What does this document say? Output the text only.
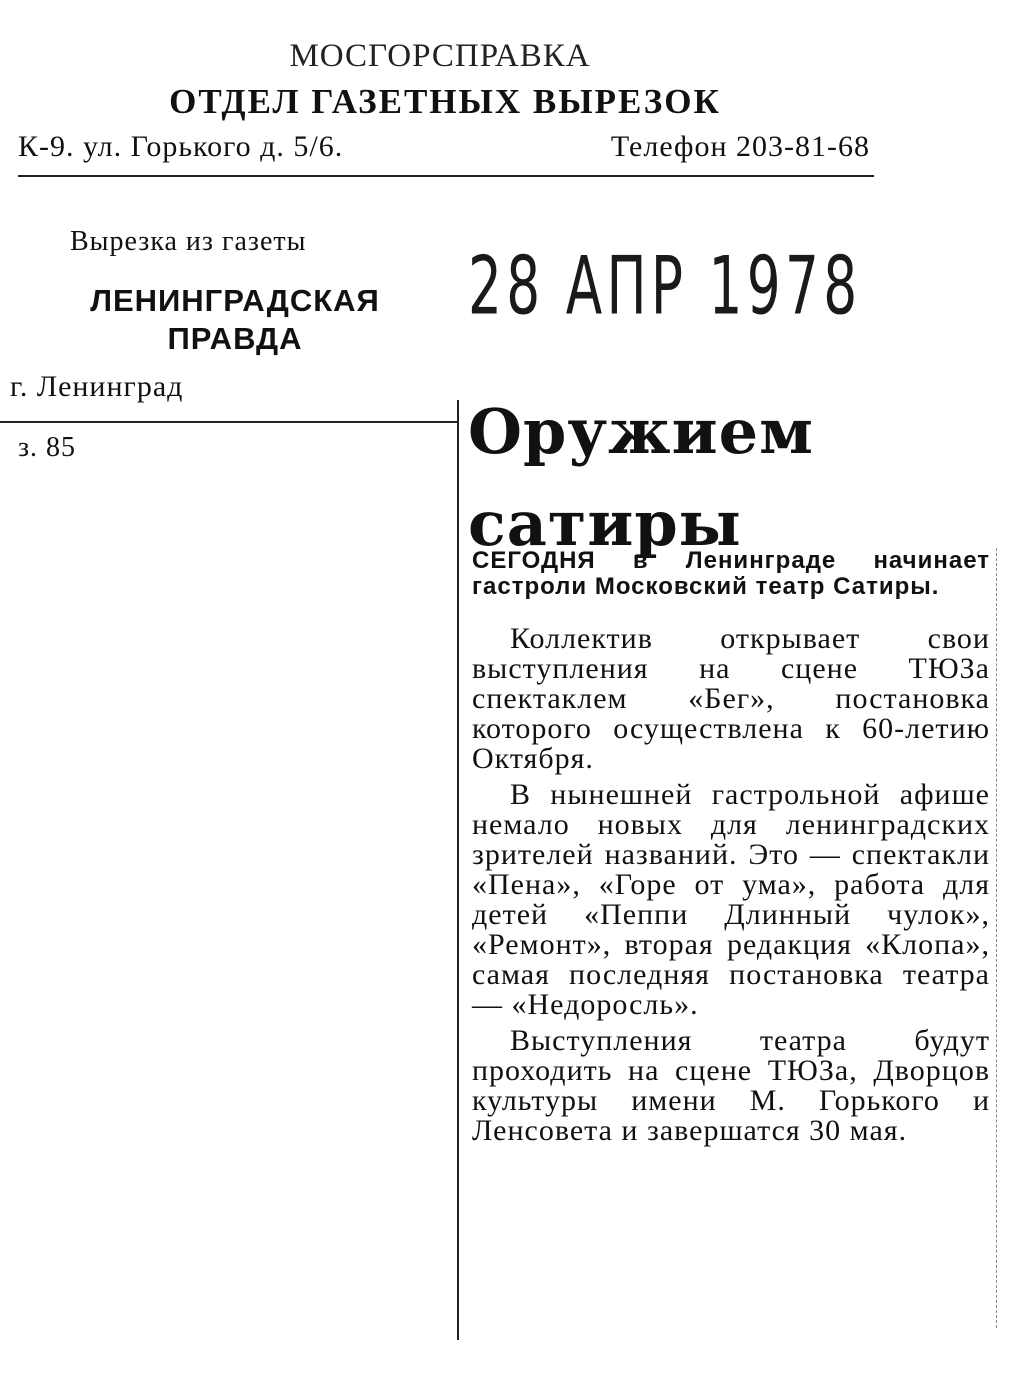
МОСГОРСПРАВКА
ОТДЕЛ ГАЗЕТНЫХ ВЫРЕЗОК
К-9. ул. Горького д. 5/6.	Телефон 203-81-68
Вырезка из газеты
ЛЕНИНГРАДСКАЯ ПРАВДА
28 АПР 1978
г. Ленинград
з. 85	Оружием сатиры
СЕГОДНЯ в Ленинграде начинает гастроли Московский театр Сатиры.

Коллектив открывает свои выступления на сцене ТЮЗа спектаклем «Бег», постановка которого осуществлена к 60-летию Октября.

В нынешней гастрольной афише немало новых для ленинградских зрителей названий. Это — спектакли «Пена», «Горе от ума», работа для детей «Пеппи Длинный чулок», «Ремонт», вторая редакция «Клопа», самая последняя постановка театра — «Недоросль».

Выступления театра будут проходить на сцене ТЮЗа, Дворцов культуры имени М. Горького и Ленсовета и завершатся 30 мая.
